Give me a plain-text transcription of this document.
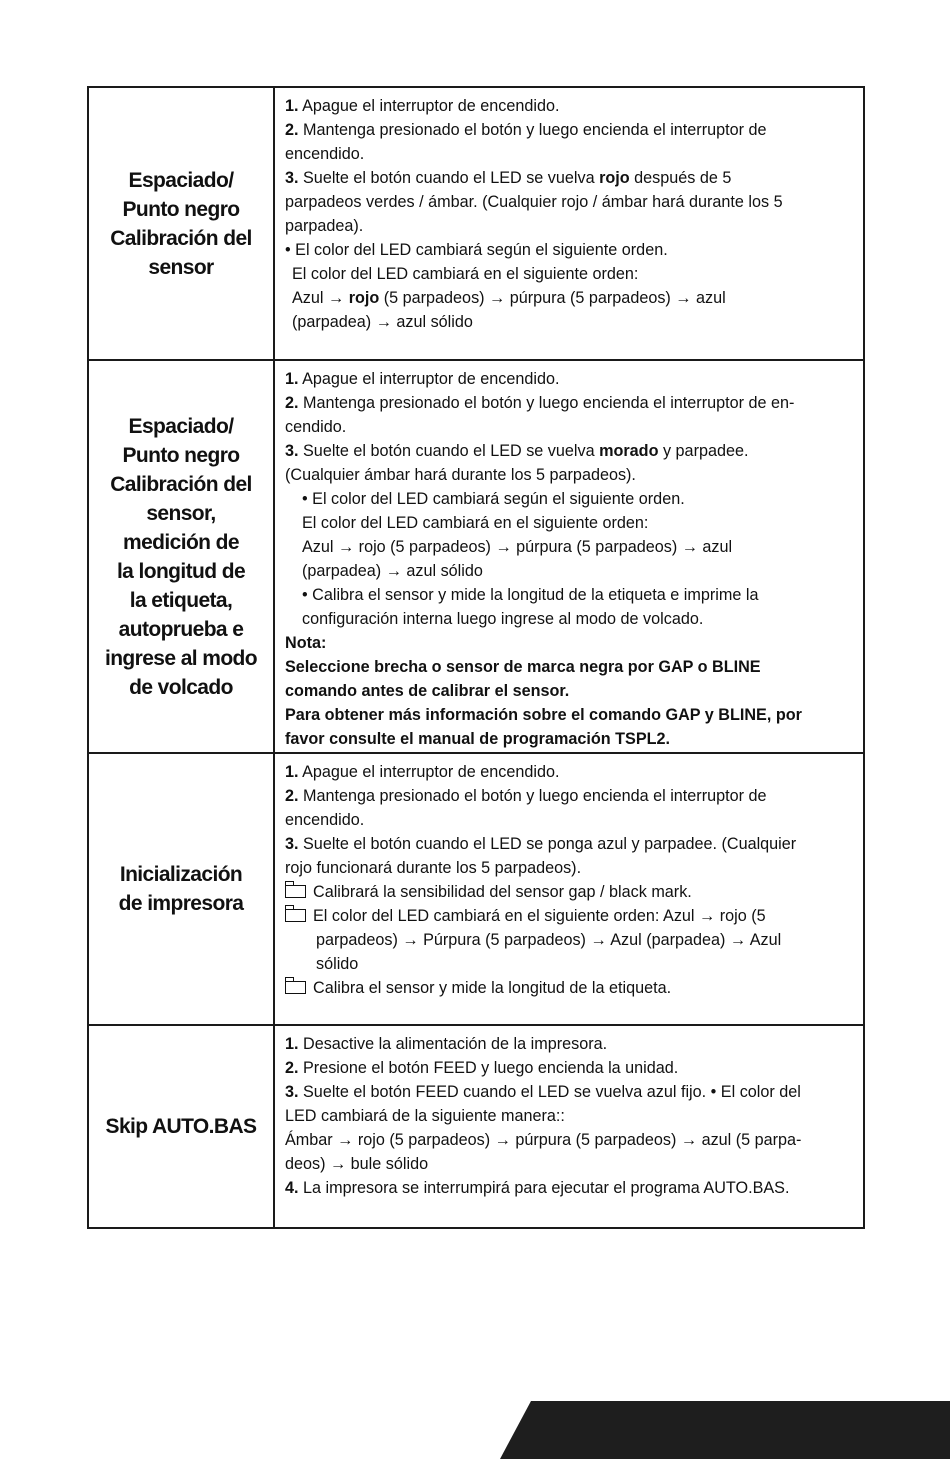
Espaciado/
Punto negro
Calibración del
sensor
1. Apague el interruptor de encendido.
2. Mantenga presionado el botón y luego encienda el interruptor de
encendido.
3. Suelte el botón cuando el LED se vuelva rojo después de 5
parpadeos verdes / ámbar. (Cualquier rojo / ámbar hará durante los 5
parpadea).
• El color del LED cambiará según el siguiente orden.
El color del LED cambiará en el siguiente orden:
Azul → rojo (5 parpadeos) → púrpura (5 parpadeos) → azul
(parpadea) → azul sólido
Espaciado/
Punto negro
Calibración del
sensor,
medición de
la longitud de
la etiqueta,
autoprueba e
ingrese al modo
de volcado
1. Apague el interruptor de encendido.
2. Mantenga presionado el botón y luego encienda el interruptor de en-
cendido.
3. Suelte el botón cuando el LED se vuelva morado y parpadee.
(Cualquier ámbar hará durante los 5 parpadeos).
• El color del LED cambiará según el siguiente orden.
El color del LED cambiará en el siguiente orden:
Azul → rojo (5 parpadeos) → púrpura (5 parpadeos) → azul
(parpadea) → azul sólido
• Calibra el sensor y mide la longitud de la etiqueta e imprime la
configuración interna luego ingrese al modo de volcado.
Nota:
Seleccione brecha o sensor de marca negra por GAP o BLINE
comando antes de calibrar el sensor.
Para obtener más información sobre el comando GAP y BLINE, por
favor consulte el manual de programación TSPL2.
Inicialización
de impresora
1. Apague el interruptor de encendido.
2. Mantenga presionado el botón y luego encienda el interruptor de
encendido.
3. Suelte el botón cuando el LED se ponga azul y parpadee. (Cualquier
rojo funcionará durante los 5 parpadeos).
Calibrará la sensibilidad del sensor gap / black mark.
El color del LED cambiará en el siguiente orden: Azul → rojo (5
parpadeos) → Púrpura (5 parpadeos) → Azul (parpadea) → Azul
sólido
Calibra el sensor y mide la longitud de la etiqueta.
Skip AUTO.BAS
1. Desactive la alimentación de la impresora.
2. Presione el botón FEED y luego encienda la unidad.
3. Suelte el botón FEED cuando el LED se vuelva azul fijo. • El color del
LED cambiará de la siguiente manera::
Ámbar → rojo (5 parpadeos) → púrpura (5 parpadeos) → azul (5 parpa-
deos) → bule sólido
4. La impresora se interrumpirá para ejecutar el programa AUTO.BAS.
